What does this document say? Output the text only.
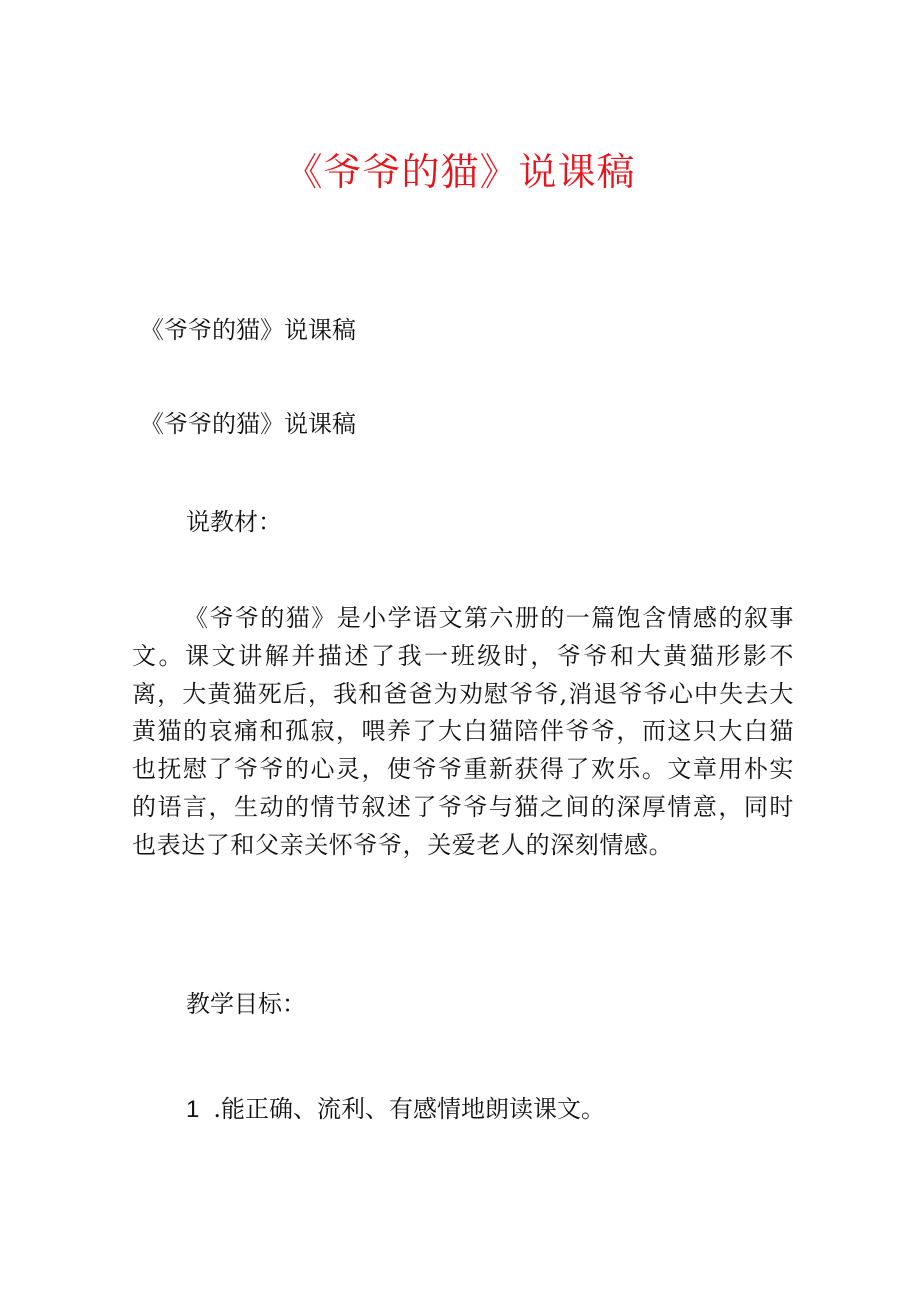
《爷爷的猫》说课稿
《爷爷的猫》说课稿
《爷爷的猫》说课稿
说教材：

《爷爷的猫》是小学语文第六册的一篇饱含情感的叙事文。课文讲解并描述了我一班级时，爷爷和大黄猫形影不离，大黄猫死后，我和爸爸为劝慰爷爷,消退爷爷心中失去大黄猫的哀痛和孤寂，喂养了大白猫陪伴爷爷，而这只大白猫也抚慰了爷爷的心灵，使爷爷重新获得了欢乐。文章用朴实的语言，生动的情节叙述了爷爷与猫之间的深厚情意，同时也表达了和父亲关怀爷爷，关爱老人的深刻情感。

教学目标：
1 .能正确、流利、有感情地朗读课文。
